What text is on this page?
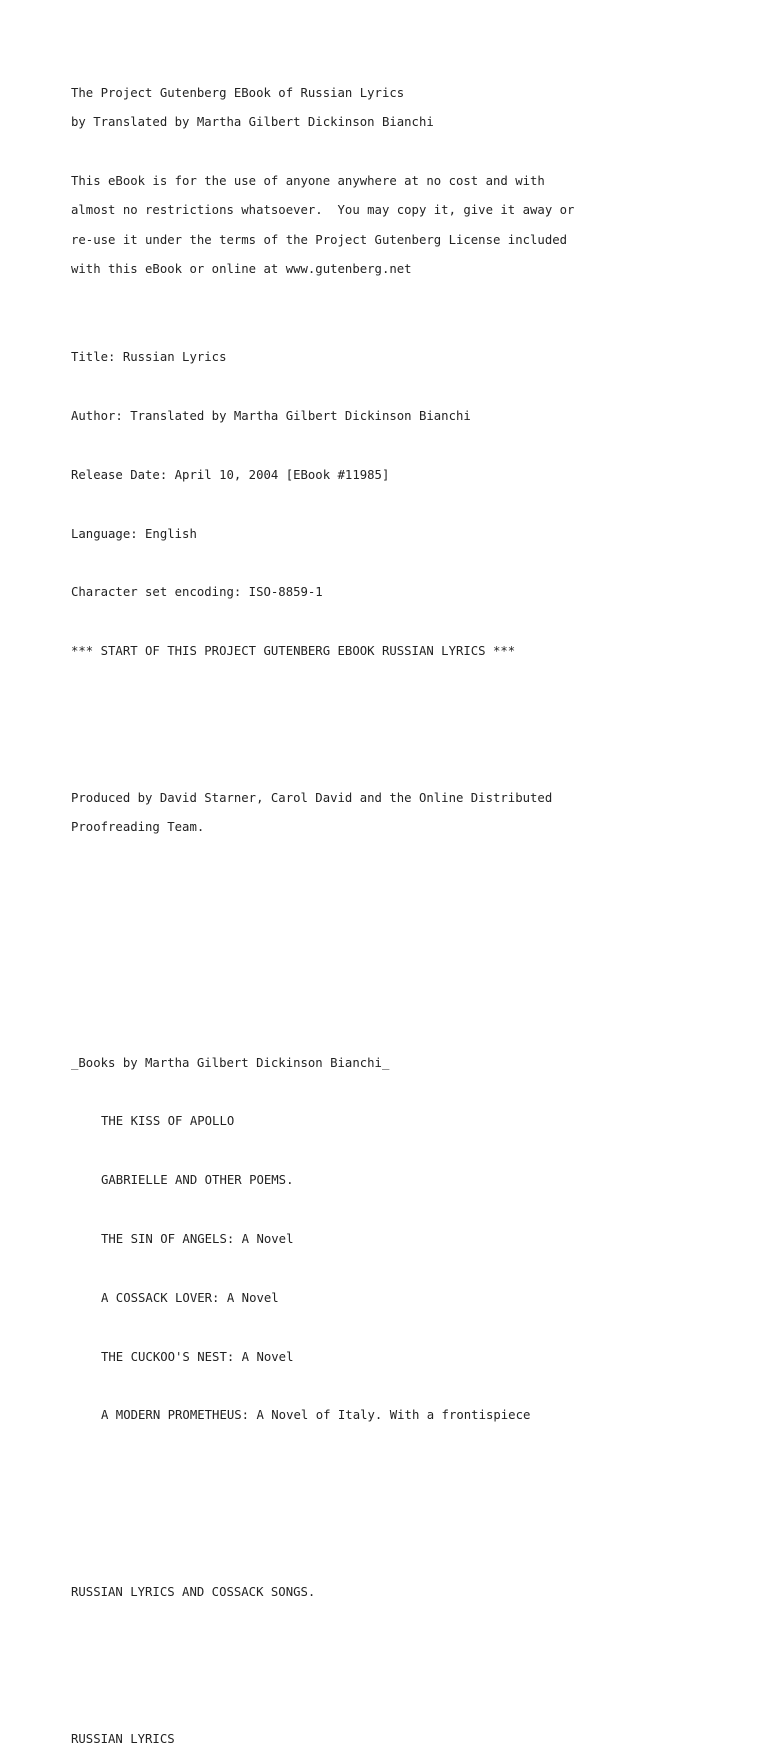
The Project Gutenberg EBook of Russian Lyrics

by Translated by Martha Gilbert Dickinson Bianchi

This eBook is for the use of anyone anywhere at no cost and with

almost no restrictions whatsoever.  You may copy it, give it away or

re-use it under the terms of the Project Gutenberg License included

with this eBook or online at www.gutenberg.net

Title: Russian Lyrics

Author: Translated by Martha Gilbert Dickinson Bianchi

Release Date: April 10, 2004 [EBook #11985]

Language: English

Character set encoding: ISO-8859-1

*** START OF THIS PROJECT GUTENBERG EBOOK RUSSIAN LYRICS ***

Produced by David Starner, Carol David and the Online Distributed

Proofreading Team.

_Books by Martha Gilbert Dickinson Bianchi_

THE KISS OF APOLLO

GABRIELLE AND OTHER POEMS.

THE SIN OF ANGELS: A Novel

A COSSACK LOVER: A Novel

THE CUCKOO'S NEST: A Novel

A MODERN PROMETHEUS: A Novel of Italy. With a frontispiece

RUSSIAN LYRICS AND COSSACK SONGS.

RUSSIAN LYRICS
